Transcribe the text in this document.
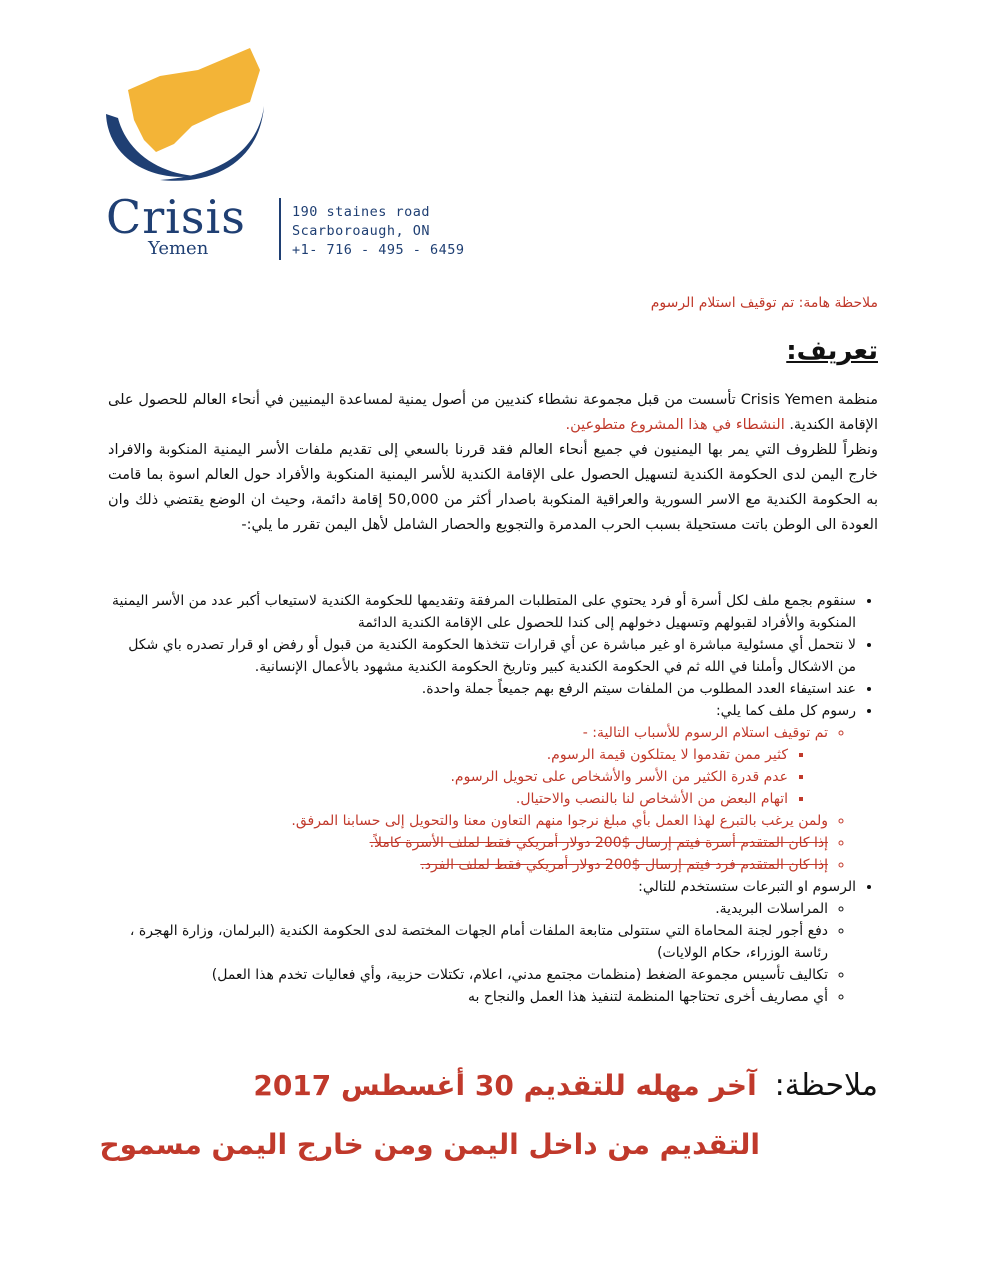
Crisis
Yemen
190 staines road
Scarboroaugh, ON
+1- 716 - 495 - 6459
ملاحظة هامة: تم توقيف استلام الرسوم
تعريف:
منظمة Crisis Yemen تأسست من قبل مجموعة نشطاء كنديين من أصول يمنية لمساعدة اليمنيين في أنحاء العالم للحصول على الإقامة الكندية. النشطاء في هذا المشروع متطوعين.
ونظراً للظروف التي يمر بها اليمنيون في جميع أنحاء العالم فقد قررنا بالسعي إلى تقديم ملفات الأسر اليمنية المنكوبة والافراد خارج اليمن لدى الحكومة الكندية لتسهيل الحصول على الإقامة الكندية للأسر اليمنية المنكوبة والأفراد حول العالم اسوة بما قامت به الحكومة الكندية مع الاسر السورية والعراقية المنكوبة باصدار أكثر من 50,000 إقامة دائمة، وحيث ان الوضع يقتضي ذلك وان العودة الى الوطن باتت مستحيلة بسبب الحرب المدمرة والتجويع والحصار الشامل لأهل اليمن تقرر ما يلي:-
• سنقوم بجمع ملف لكل أسرة أو فرد يحتوي على المتطلبات المرفقة وتقديمها للحكومة الكندية لاستيعاب أكبر عدد من الأسر اليمنية المنكوبة والأفراد لقبولهم وتسهيل دخولهم إلى كندا للحصول على الإقامة الكندية الدائمة
• لا نتحمل أي مسئولية مباشرة او غير مباشرة عن أي قرارات تتخذها الحكومة الكندية من قبول أو رفض او قرار تصدره باي شكل من الاشكال وأملنا في الله ثم في الحكومة الكندية كبير وتاريخ الحكومة الكندية مشهود بالأعمال الإنسانية.
• عند استيفاء العدد المطلوب من الملفات سيتم الرفع بهم جميعاً جملة واحدة.
• رسوم كل ملف كما يلي:
◦ تم توقيف استلام الرسوم للأسباب التالية: -
▪ كثير ممن تقدموا لا يمتلكون قيمة الرسوم.
▪ عدم قدرة الكثير من الأسر والأشخاص على تحويل الرسوم.
▪ اتهام البعض من الأشخاص لنا بالنصب والاحتيال.
◦ ولمن يرغب بالتبرع لهذا العمل بأي مبلغ نرجوا منهم التعاون معنا والتحويل إلى حسابنا المرفق.
◦ إذا كان المتقدم أسرة فيتم إرسال $200 دولار أمريكي فقط لملف الأسرة كاملاً.
◦ إذا كان المتقدم فرد فيتم إرسال $200 دولار أمريكي فقط لملف الفرد.
• الرسوم او التبرعات ستستخدم للتالي:
◦ المراسلات البريدية.
◦ دفع أجور لجنة المحاماة التي ستتولى متابعة الملفات أمام الجهات المختصة لدى الحكومة الكندية (البرلمان، وزارة الهجرة ، رئاسة الوزراء، حكام الولايات)
◦ تكاليف تأسيس مجموعة الضغط (منظمات مجتمع مدني، اعلام، تكتلات حزبية، وأي فعاليات تخدم هذا العمل)
◦ أي مصاريف أخرى تحتاجها المنظمة لتنفيذ هذا العمل والنجاح به
ملاحظة:
آخر مهله للتقديم 30 أغسطس 2017
التقديم من داخل اليمن ومن خارج اليمن مسموح
